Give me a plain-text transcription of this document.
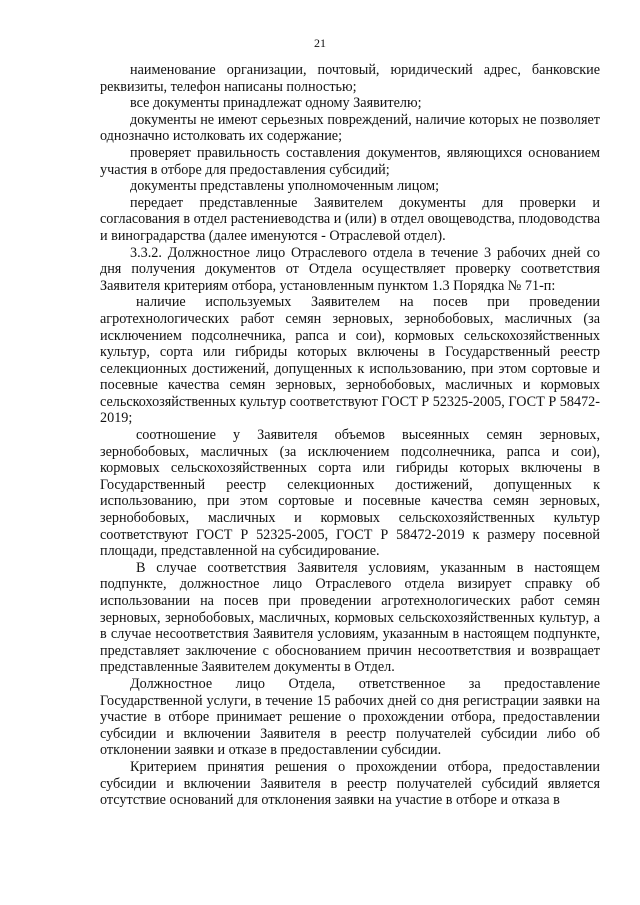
21

наименование организации, почтовый, юридический адрес, банковские реквизиты, телефон написаны полностью;

все документы принадлежат одному Заявителю;

документы не имеют серьезных повреждений, наличие которых не позволяет однозначно истолковать их содержание;

проверяет правильность составления документов, являющихся основанием участия в отборе для предоставления субсидий;

документы представлены уполномоченным лицом;

передает представленные Заявителем документы для проверки и согласования в отдел растениеводства и (или) в отдел овощеводства, плодоводства и виноградарства (далее именуются - Отраслевой отдел).

3.3.2. Должностное лицо Отраслевого отдела в течение 3 рабочих дней со дня получения документов от Отдела осуществляет проверку соответствия Заявителя критериям отбора, установленным пунктом 1.3 Порядка № 71-п:

наличие используемых Заявителем на посев при проведении агротехнологических работ семян зерновых, зернобобовых, масличных (за исключением подсолнечника, рапса и сои), кормовых сельскохозяйственных культур, сорта или гибриды которых включены в Государственный реестр селекционных достижений, допущенных к использованию, при этом сортовые и посевные качества семян зерновых, зернобобовых, масличных и кормовых сельскохозяйственных культур соответствуют ГОСТ Р 52325-2005, ГОСТ Р 58472-2019;

соотношение у Заявителя объемов высеянных семян зерновых, зернобобовых, масличных (за исключением подсолнечника, рапса и сои), кормовых сельскохозяйственных сорта или гибриды которых включены в Государственный реестр селекционных достижений, допущенных к использованию, при этом сортовые и посевные качества семян зерновых, зернобобовых, масличных и кормовых сельскохозяйственных культур соответствуют ГОСТ Р 52325-2005, ГОСТ Р 58472-2019 к размеру посевной площади, представленной на субсидирование.

В случае соответствия Заявителя условиям, указанным в настоящем подпункте, должностное лицо Отраслевого отдела визирует справку об использовании на посев при проведении агротехнологических работ семян зерновых, зернобобовых, масличных, кормовых сельскохозяйственных культур, а в случае несоответствия Заявителя условиям, указанным в настоящем подпункте, представляет заключение с обоснованием причин несоответствия и возвращает представленные Заявителем документы в Отдел.

Должностное лицо Отдела, ответственное за предоставление Государственной услуги, в течение 15 рабочих дней со дня регистрации заявки на участие в отборе принимает решение о прохождении отбора, предоставлении субсидии и включении Заявителя в реестр получателей субсидии либо об отклонении заявки и отказе в предоставлении субсидии.

Критерием принятия решения о прохождении отбора, предоставлении субсидии и включении Заявителя в реестр получателей субсидий является отсутствие оснований для отклонения заявки на участие в отборе и отказа в
